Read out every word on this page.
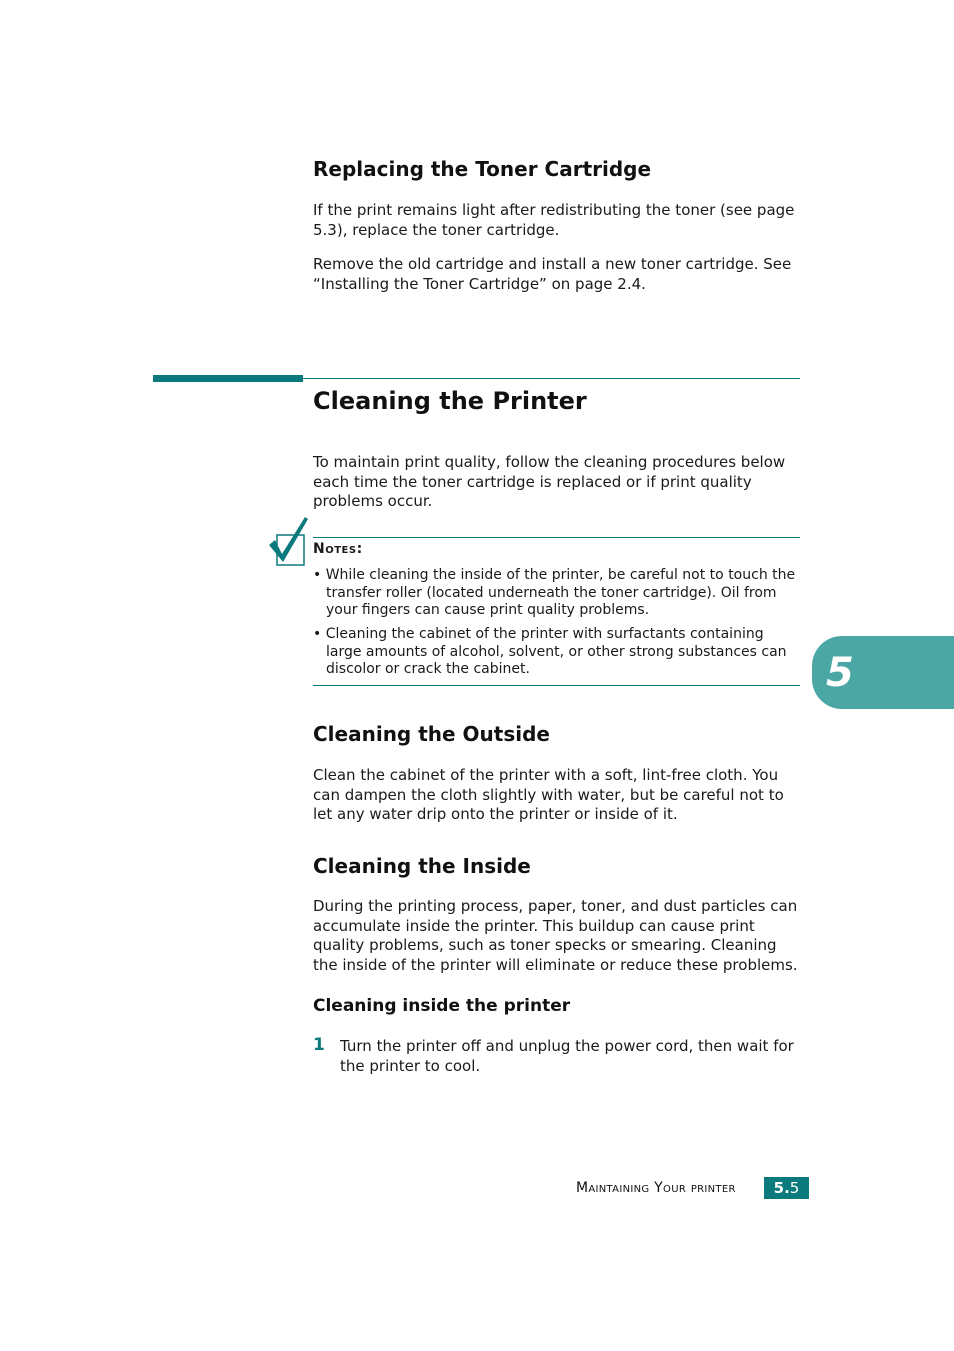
Replacing the Toner Cartridge
If the print remains light after redistributing the toner (see page 5.3), replace the toner cartridge.
Remove the old cartridge and install a new toner cartridge. See “Installing the Toner Cartridge” on page 2.4.
Cleaning the Printer
To maintain print quality, follow the cleaning procedures below each time the toner cartridge is replaced or if print quality problems occur.
Notes:
• While cleaning the inside of the printer, be careful not to touch the transfer roller (located underneath the toner cartridge). Oil from your fingers can cause print quality problems.
• Cleaning the cabinet of the printer with surfactants containing large amounts of alcohol, solvent, or other strong substances can discolor or crack the cabinet.	5
Cleaning the Outside
Clean the cabinet of the printer with a soft, lint-free cloth. You can dampen the cloth slightly with water, but be careful not to let any water drip onto the printer or inside of it.
Cleaning the Inside
During the printing process, paper, toner, and dust particles can accumulate inside the printer. This buildup can cause print quality problems, such as toner specks or smearing. Cleaning the inside of the printer will eliminate or reduce these problems.
Cleaning inside the printer
1 Turn the printer off and unplug the power cord, then wait for the printer to cool.
Maintaining Your printer	5. 5
